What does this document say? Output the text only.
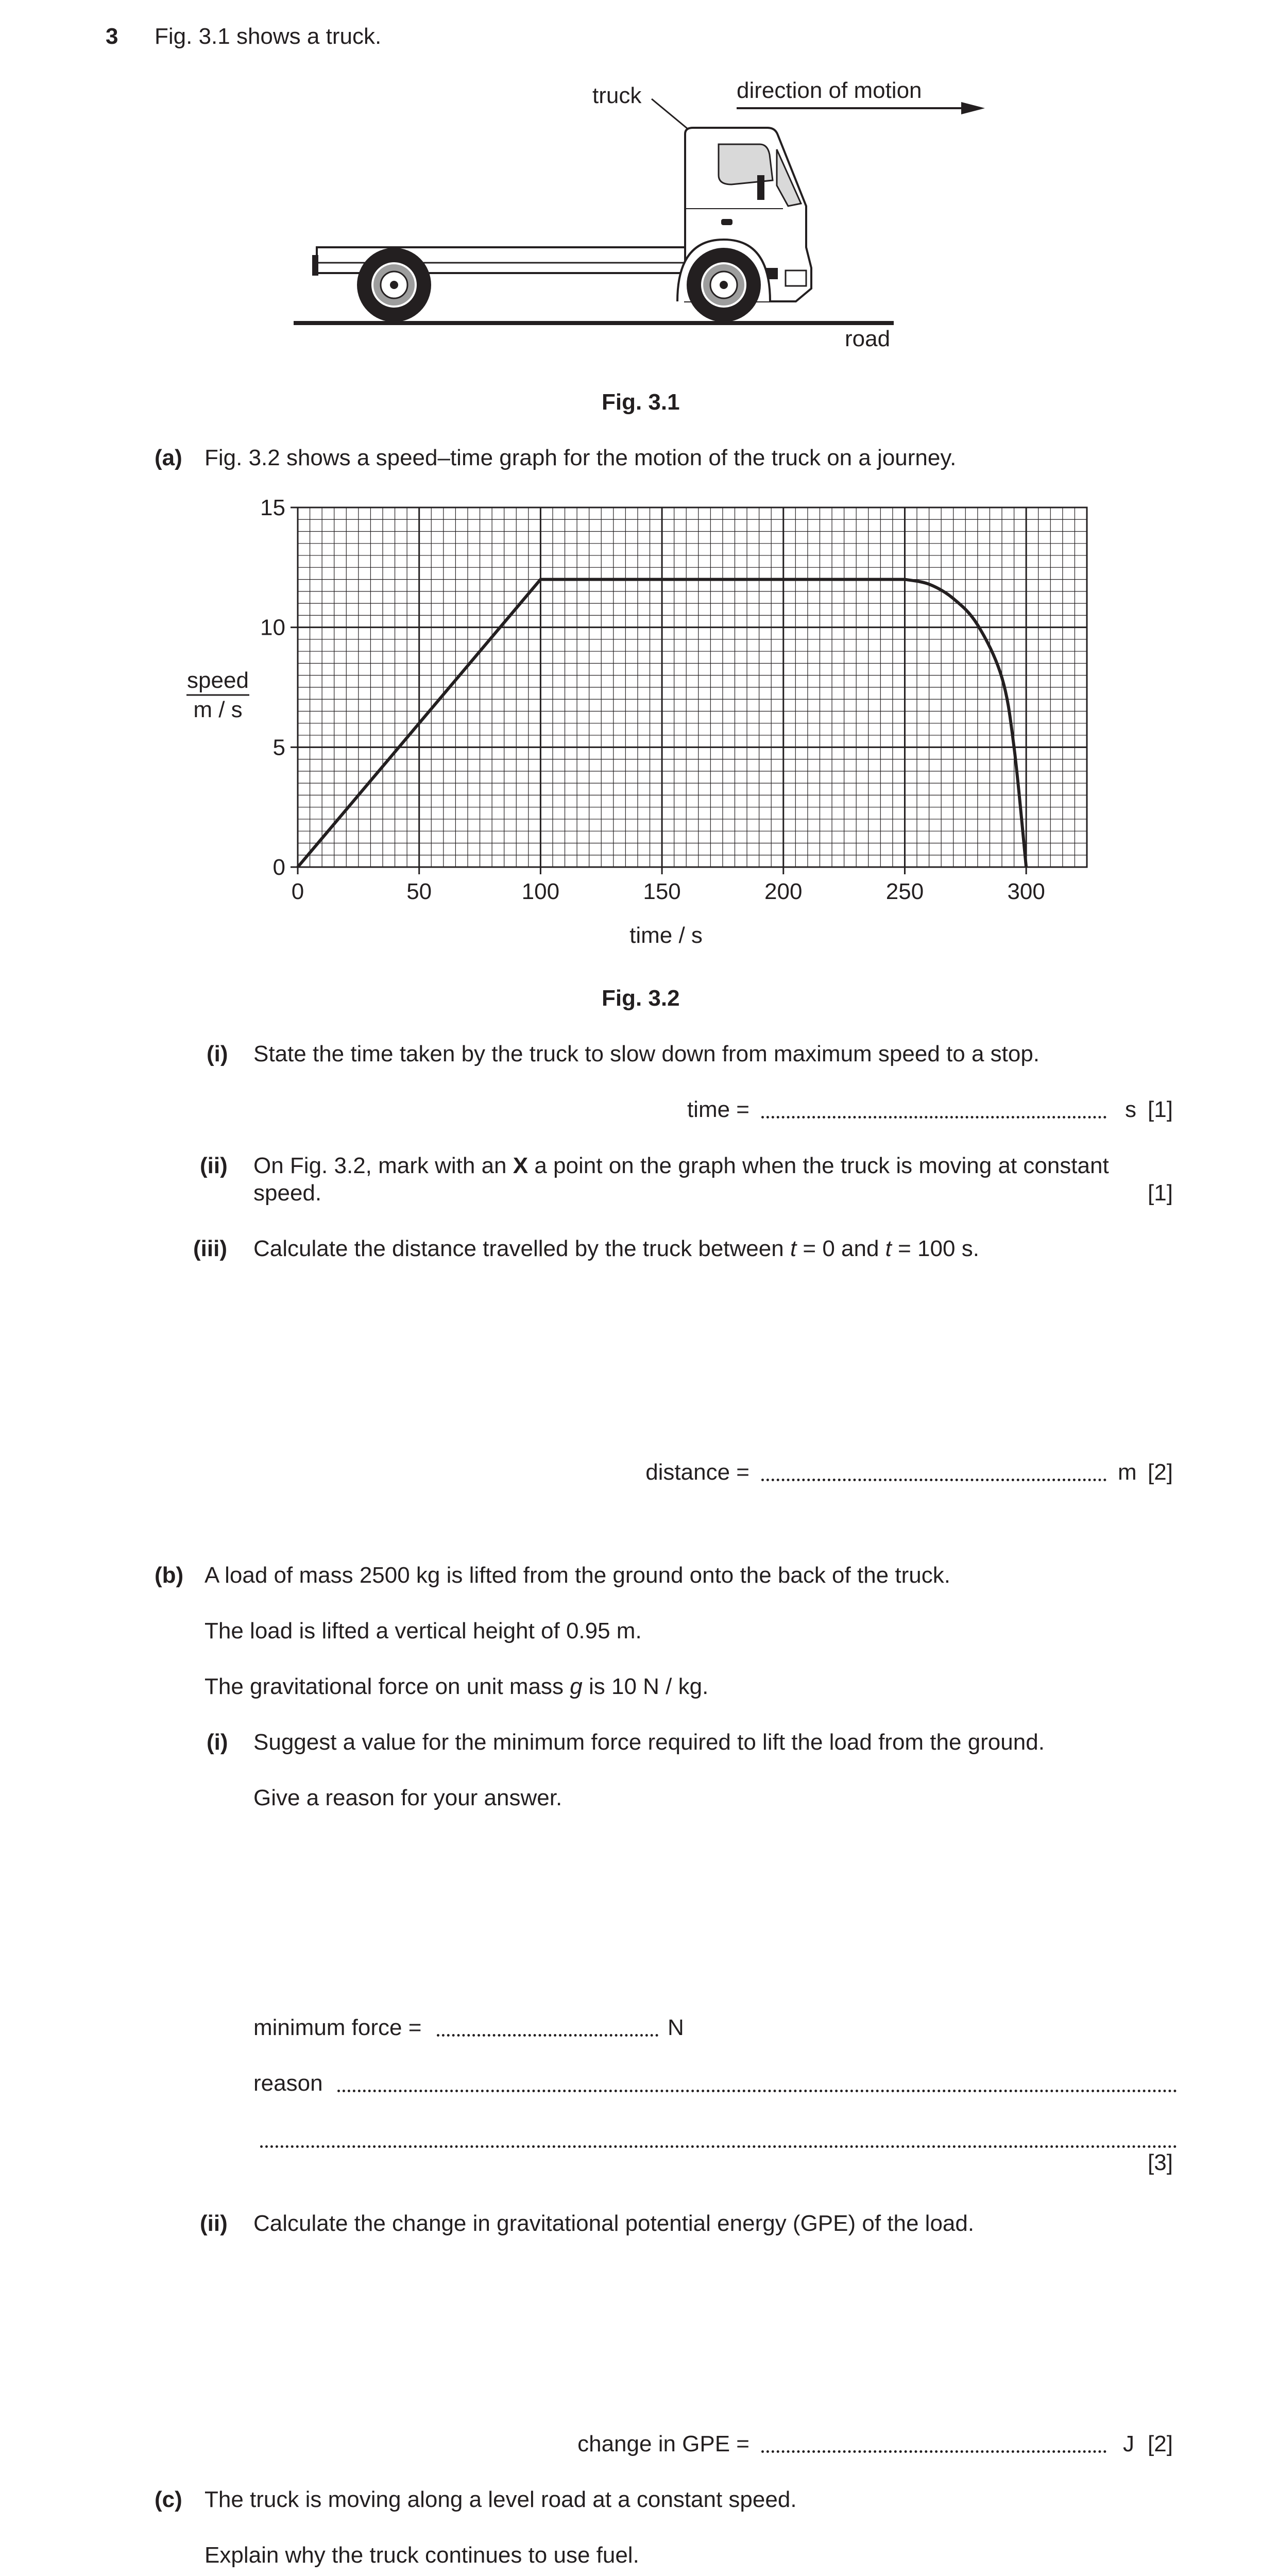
3 Fig. 3.1 shows a truck.
truck	direction of motion
road
Fig. 3.1
(a) Fig. 3.2 shows a speed–time graph for the motion of the truck on a journey.
0	50	100	150	200	250	300
0
5
10
15
time / s
speed
m / s
Fig. 3.2
(i) State the time taken by the truck to slow down from maximum speed to a stop.
time =	s [1]
(ii) On Fig. 3.2, mark with an X a point on the graph when the truck is moving at constant
speed.	[1]
(iii) Calculate the distance travelled by the truck between t = 0 and t = 100 s.
distance =	m [2]
(b) A load of mass 2500 kg is lifted from the ground onto the back of the truck.
The load is lifted a vertical height of 0.95 m.
The gravitational force on unit mass g is 10 N / kg.
(i) Suggest a value for the minimum force required to lift the load from the ground.
Give a reason for your answer.
minimum force =	N
reason
[3]
(ii) Calculate the change in gravitational potential energy (GPE) of the load.
change in GPE =	J [2]
(c) The truck is moving along a level road at a constant speed.
Explain why the truck continues to use fuel.
